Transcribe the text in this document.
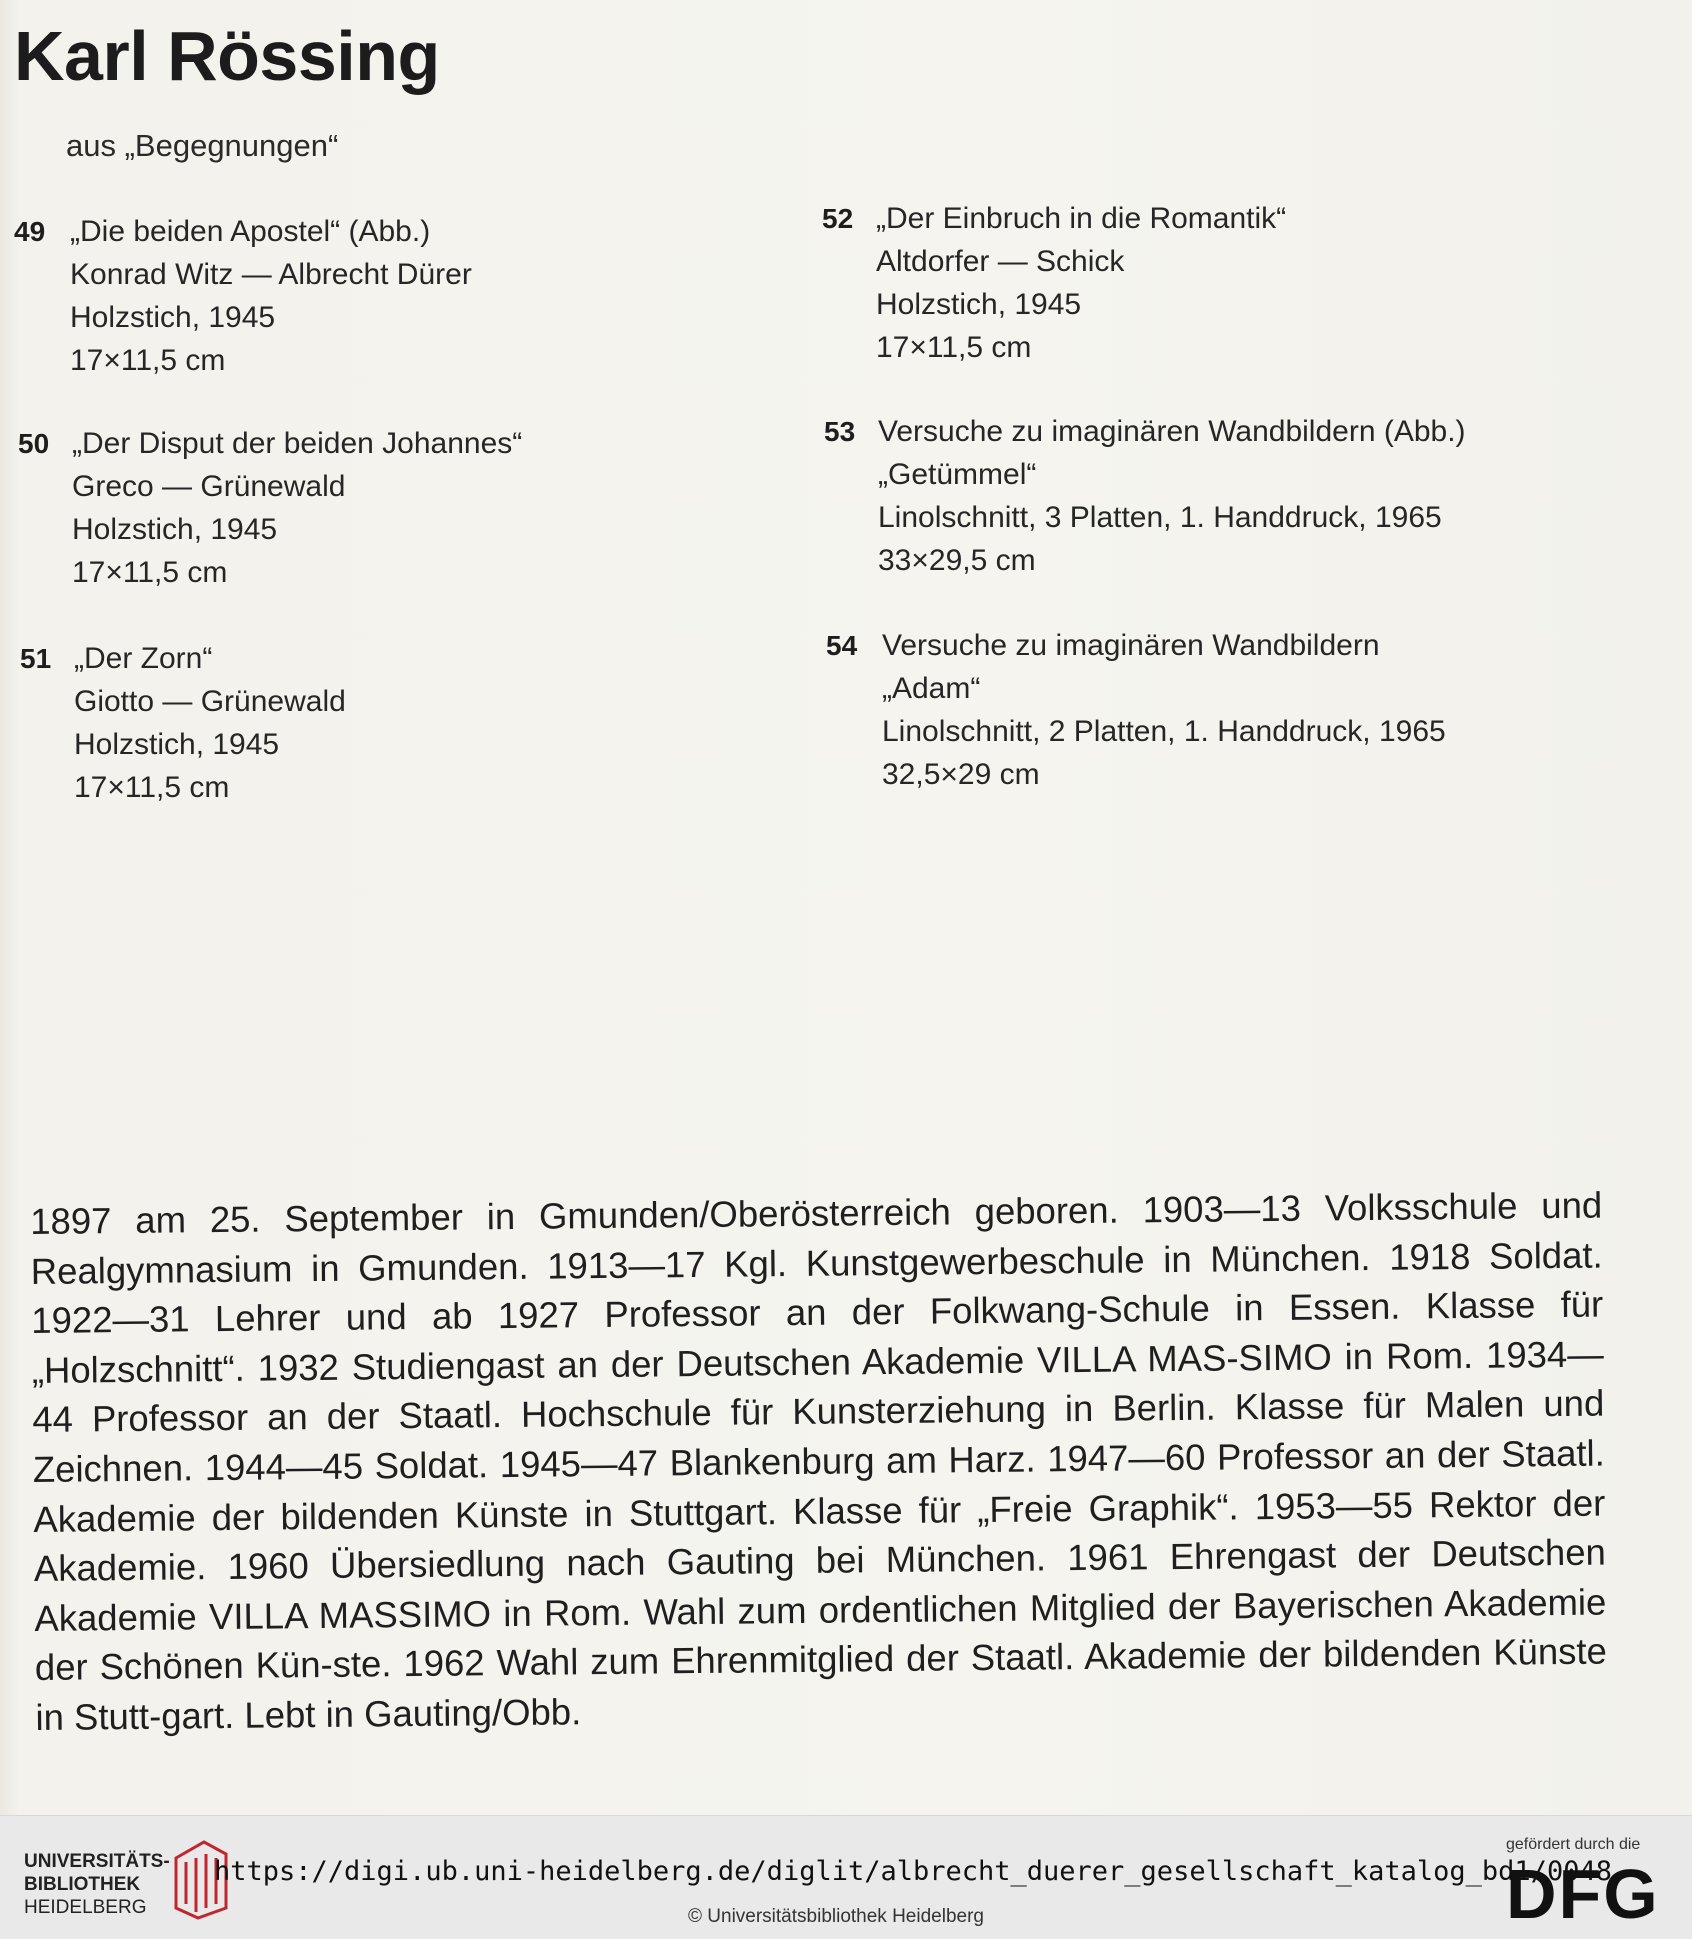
Karl Rössing
aus „Begegnungen“
49 „Die beiden Apostel“ (Abb.)
Konrad Witz — Albrecht Dürer
Holzstich, 1945
17×11,5 cm
50 „Der Disput der beiden Johannes“
Greco — Grünewald
Holzstich, 1945
17×11,5 cm
51 „Der Zorn“
Giotto — Grünewald
Holzstich, 1945
17×11,5 cm
52 „Der Einbruch in die Romantik“
Altdorfer — Schick
Holzstich, 1945
17×11,5 cm
53 Versuche zu imaginären Wandbildern (Abb.)
„Getümmel“
Linolschnitt, 3 Platten, 1. Handdruck, 1965
33×29,5 cm
54 Versuche zu imaginären Wandbildern
„Adam“
Linolschnitt, 2 Platten, 1. Handdruck, 1965
32,5×29 cm
1897 am 25. September in Gmunden/Oberösterreich geboren. 1903—13 Volksschule und Realgymnasium in Gmunden. 1913—17 Kgl. Kunstgewerbeschule in München. 1918 Soldat. 1922—31 Lehrer und ab 1927 Professor an der Folkwang-Schule in Essen. Klasse für „Holzschnitt“. 1932 Studiengast an der Deutschen Akademie VILLA MAS-SIMO in Rom. 1934—44 Professor an der Staatl. Hochschule für Kunsterziehung in Berlin. Klasse für Malen und Zeichnen. 1944—45 Soldat. 1945—47 Blankenburg am Harz. 1947—60 Professor an der Staatl. Akademie der bildenden Künste in Stuttgart. Klasse für „Freie Graphik“. 1953—55 Rektor der Akademie. 1960 Übersiedlung nach Gauting bei München. 1961 Ehrengast der Deutschen Akademie VILLA MASSIMO in Rom. Wahl zum ordentlichen Mitglied der Bayerischen Akademie der Schönen Kün-ste. 1962 Wahl zum Ehrenmitglied der Staatl. Akademie der bildenden Künste in Stutt-gart. Lebt in Gauting/Obb.
UNIVERSITÄTS-
BIBLIOTHEK
HEIDELBERG
https://digi.ub.uni-heidelberg.de/diglit/albrecht_duerer_gesellschaft_katalog_bd1/0048
© Universitätsbibliothek Heidelberg
gefördert durch die
DFG
